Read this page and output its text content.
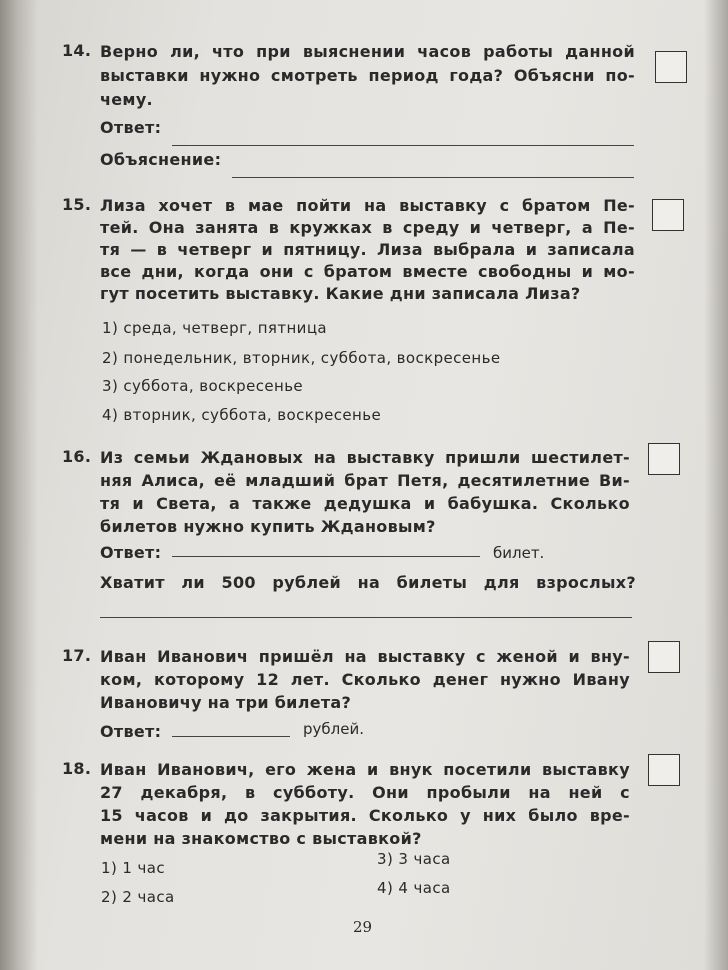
14. Верно ли, что при выяснении часов работы данной
выставки нужно смотреть период года? Объясни по-
чему.
Ответ:
Объяснение:
15. Лиза хочет в мае пойти на выставку с братом Пе-
тей. Она занята в кружках в среду и четверг, а Пе-
тя — в четверг и пятницу. Лиза выбрала и записала
все дни, когда они с братом вместе свободны и мо-
гут посетить выставку. Какие дни записала Лиза?
1) среда, четверг, пятница
2) понедельник, вторник, суббота, воскресенье
3) суббота, воскресенье
4) вторник, суббота, воскресенье
16. Из семьи Ждановых на выставку пришли шестилет-
няя Алиса, её младший брат Петя, десятилетние Ви-
тя и Света, а также дедушка и бабушка. Сколько
билетов нужно купить Ждановым?
Ответ:	билет.
Хватит ли 500 рублей на билеты для взрослых?
17. Иван Иванович пришёл на выставку с женой и вну-
ком, которому 12 лет. Сколько денег нужно Ивану
Ивановичу на три билета?
Ответ:	рублей.
18. Иван Иванович, его жена и внук посетили выставку
27 декабря, в субботу. Они пробыли на ней с
15 часов и до закрытия. Сколько у них было вре-
мени на знакомство с выставкой?
1) 1 час
2) 2 часа
3) 3 часа
4) 4 часа
29
